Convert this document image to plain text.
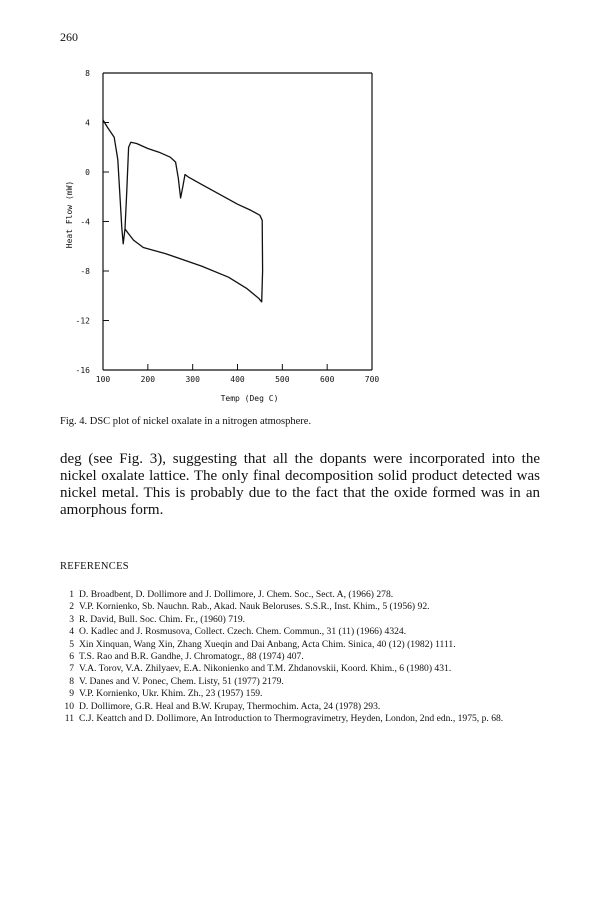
260
8
4
0
-4
-8
-12
-16
100	200	300	400	500	600	700
Temp (Deg C)
Heat Flow (mW)
Fig. 4. DSC plot of nickel oxalate in a nitrogen atmosphere.

deg (see Fig. 3), suggesting that all the dopants were incorporated into the nickel oxalate lattice. The only final decomposition solid product detected was nickel metal. This is probably due to the fact that the oxide formed was in an amorphous form.

REFERENCES
1 D. Broadbent, D. Dollimore and J. Dollimore, J. Chem. Soc., Sect. A, (1966) 278.
2 V.P. Kornienko, Sb. Nauchn. Rab., Akad. Nauk Beloruses. S.S.R., Inst. Khim., 5 (1956) 92.
3 R. David, Bull. Soc. Chim. Fr., (1960) 719.
4 O. Kadlec and J. Rosmusova, Collect. Czech. Chem. Commun., 31 (11) (1966) 4324.
5 Xin Xinquan, Wang Xin, Zhang Xueqin and Dai Anbang, Acta Chim. Sinica, 40 (12) (1982) 1111.
6 T.S. Rao and B.R. Gandhe, J. Chromatogr., 88 (1974) 407.
7 V.A. Torov, V.A. Zhilyaev, E.A. Nikonienko and T.M. Zhdanovskii, Koord. Khim., 6 (1980) 431.
8 V. Danes and V. Ponec, Chem. Listy, 51 (1977) 2179.
9 V.P. Kornienko, Ukr. Khim. Zh., 23 (1957) 159.
10 D. Dollimore, G.R. Heal and B.W. Krupay, Thermochim. Acta, 24 (1978) 293.
11 C.J. Keattch and D. Dollimore, An Introduction to Thermogravimetry, Heyden, London, 2nd edn., 1975, p. 68.
